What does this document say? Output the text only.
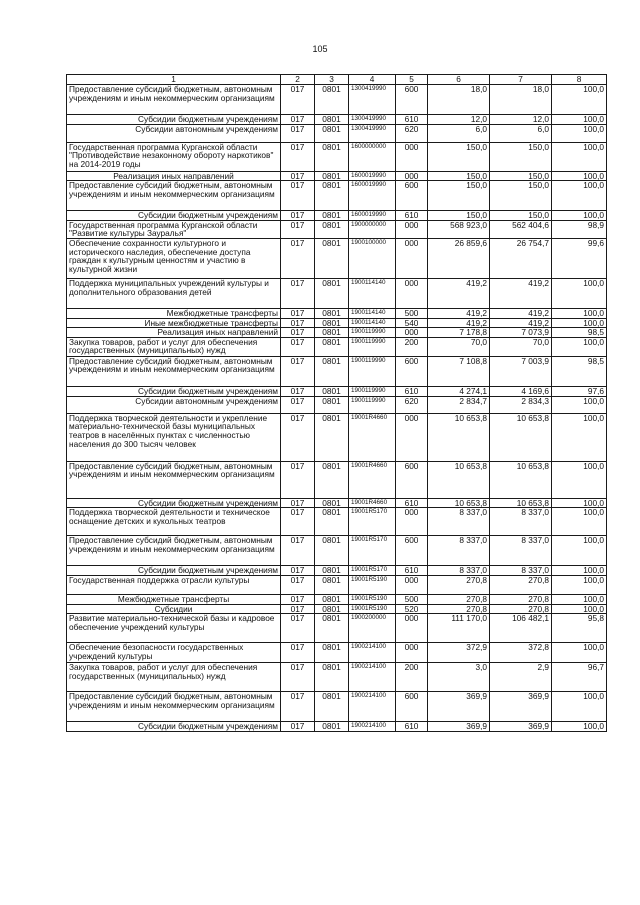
105
1	2	3	4	5	6	7	8
Предоставление субсидий бюджетным, автономным учреждениям и иным некоммерческим организациям	017	0801	1300419990	600	18,0	18,0	100,0
Субсидии бюджетным учреждениям	017	0801	1300419990	610	12,0	12,0	100,0
Субсидии автономным учреждениям	017	0801	1300419990	620	6,0	6,0	100,0
Государственная программа Курганской области "Противодействие незаконному обороту наркотиков" на 2014-2019 годы	017	0801	1600000000	000	150,0	150,0	100,0
Реализация иных направлений	017	0801	1600019990	000	150,0	150,0	100,0
Предоставление субсидий бюджетным, автономным учреждениям и иным некоммерческим организациям	017	0801	1600019990	600	150,0	150,0	100,0
Субсидии бюджетным учреждениям	017	0801	1600019990	610	150,0	150,0	100,0
Государственная программа Курганской области "Развитие культуры Зауралья"	017	0801	1900000000	000	568 923,0	562 404,6	98,9
Обеспечение сохранности культурного и исторического наследия, обеспечение доступа граждан к культурным ценностям и участию в культурной жизни	017	0801	1900100000	000	26 859,6	26 754,7	99,6
Поддержка муниципальных учреждений культуры и дополнительного образования детей	017	0801	1900114140	000	419,2	419,2	100,0
Межбюджетные трансферты	017	0801	1900114140	500	419,2	419,2	100,0
Иные межбюджетные трансферты	017	0801	1900114140	540	419,2	419,2	100,0
Реализация иных направлений	017	0801	1900119990	000	7 178,8	7 073,9	98,5
Закупка товаров, работ и услуг для обеспечения государственных (муниципальных) нужд	017	0801	1900119990	200	70,0	70,0	100,0
Предоставление субсидий бюджетным, автономным учреждениям и иным некоммерческим организациям	017	0801	1900119990	600	7 108,8	7 003,9	98,5
Субсидии бюджетным учреждениям	017	0801	1900119990	610	4 274,1	4 169,6	97,6
Субсидии автономным учреждениям	017	0801	1900119990	620	2 834,7	2 834,3	100,0
Поддержка творческой деятельности и укрепление материально-технической базы муниципальных театров в населённых пунктах с численностью населения до 300 тысяч человек	017	0801	19001R4660	000	10 653,8	10 653,8	100,0
Предоставление субсидий бюджетным, автономным учреждениям и иным некоммерческим организациям	017	0801	19001R4660	600	10 653,8	10 653,8	100,0
Субсидии бюджетным учреждениям	017	0801	19001R4660	610	10 653,8	10 653,8	100,0
Поддержка творческой деятельности и техническое оснащение детских и кукольных театров	017	0801	19001R5170	000	8 337,0	8 337,0	100,0
Предоставление субсидий бюджетным, автономным учреждениям и иным некоммерческим организациям	017	0801	19001R5170	600	8 337,0	8 337,0	100,0
Субсидии бюджетным учреждениям	017	0801	19001R5170	610	8 337,0	8 337,0	100,0
Государственная поддержка отрасли культуры	017	0801	19001R5190	000	270,8	270,8	100,0
Межбюджетные трансферты	017	0801	19001R5190	500	270,8	270,8	100,0
Субсидии	017	0801	19001R5190	520	270,8	270,8	100,0
Развитие материально-технической базы и кадровое обеспечение учреждений культуры	017	0801	1900200000	000	111 170,0	106 482,1	95,8
Обеспечение безопасности государственных учреждений культуры	017	0801	1900214100	000	372,9	372,8	100,0
Закупка товаров, работ и услуг для обеспечения государственных (муниципальных) нужд	017	0801	1900214100	200	3,0	2,9	96,7
Предоставление субсидий бюджетным, автономным учреждениям и иным некоммерческим организациям	017	0801	1900214100	600	369,9	369,9	100,0
Субсидии бюджетным учреждениям	017	0801	1900214100	610	369,9	369,9	100,0
